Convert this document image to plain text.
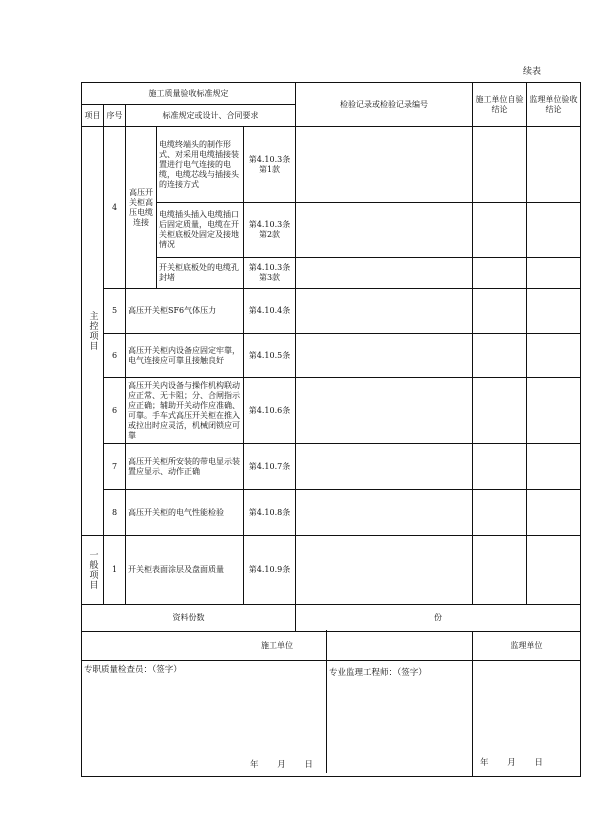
续表
施工质量验收标准规定					检验记录或检验记录编号	施工单位自验结论	监理单位验收结论
项目	序号	标准规定或设计、合同要求					

主控项目	4	高压开关柜高压电缆连接	电缆终端头的制作形式、对采用电缆插接装置进行电气连接的电缆，电缆芯线与插接头的连接方式	第4.10.3条第1款			
			电缆插头插入电缆插口后固定质量，电缆在开关柜底板处固定及接地情况	第4.10.3条第2款			
			开关柜底板处的电缆孔封堵	第4.10.3条第3款			
	5	高压开关柜SF6气体压力		第4.10.4条			
	6	高压开关柜内设备应固定牢靠，电气连接应可靠且接触良好		第4.10.5条			
	6	高压开关内设备与操作机构联动应正常、无卡阻；分、合闸指示应正确；辅助开关动作应准确、可靠。手车式高压开关柜在推入或拉出时应灵活，机械闭锁应可靠		第4.10.6条			
	7	高压开关柜所安装的带电显示装置应显示、动作正确		第4.10.7条			
	8	高压开关柜的电气性能检验		第4.10.8条			

一般项目	1	开关柜表面涂层及盘面质量		第4.10.9条			
资料份数					份		
施工单位						监理单位	

专职质量检查员：（签字）
年 月 日							

专业监理工程师：（签字）
年 月 日
